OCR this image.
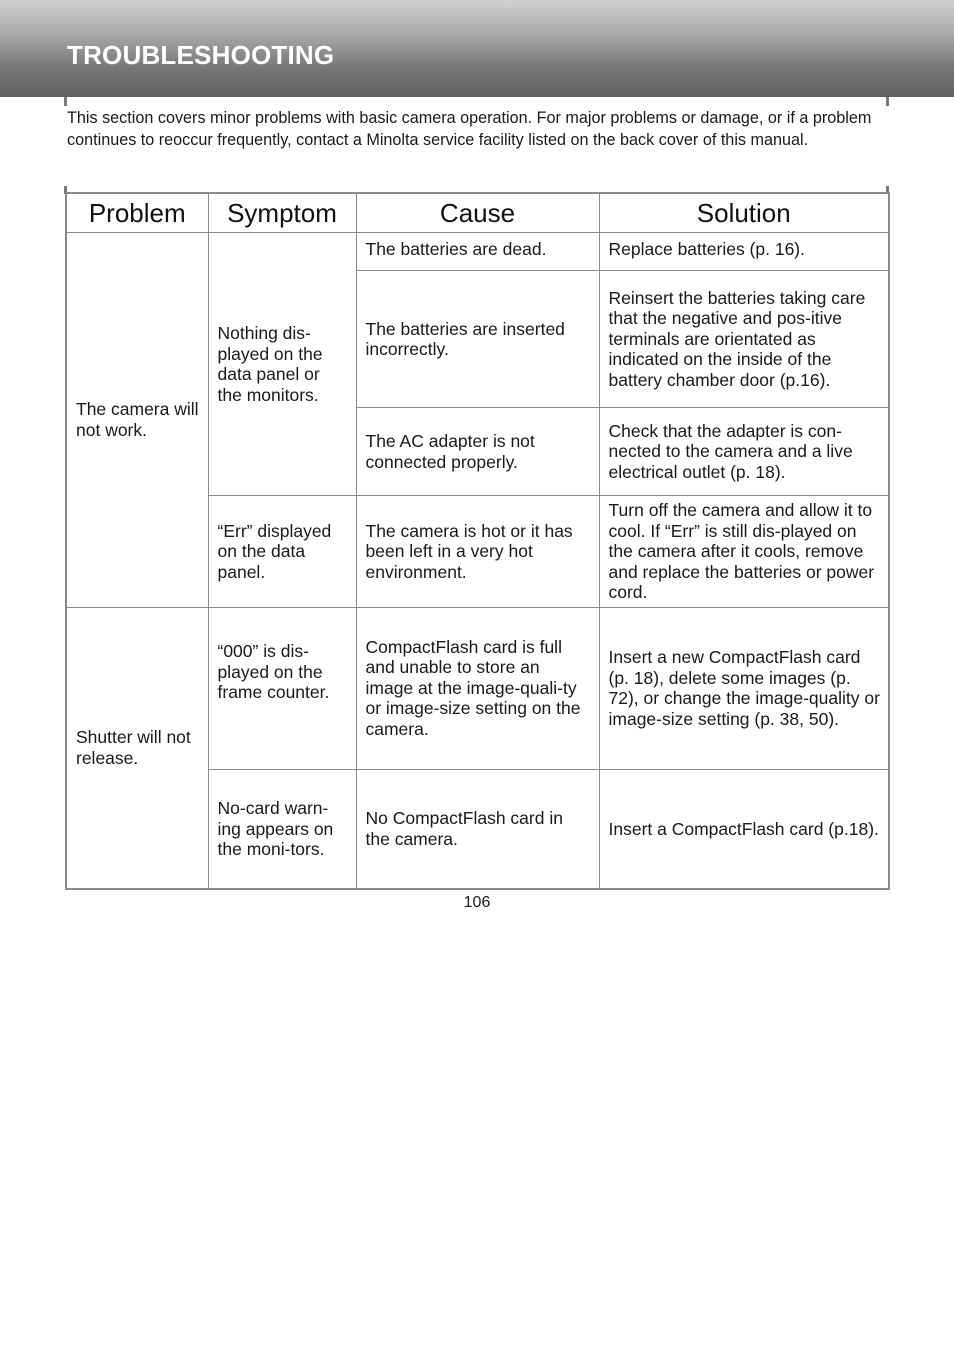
TROUBLESHOOTING

This section covers minor problems with basic camera operation. For major problems or damage, or if a problem continues to reoccur frequently, contact a Minolta service facility listed on the back cover of this manual.

Problem	Symptom	Cause	Solution
The camera will not work.	Nothing dis-played on the data panel or the monitors.	The batteries are dead.	Replace batteries (p. 16).
		The batteries are inserted incorrectly.	Reinsert the batteries taking care that the negative and pos-itive terminals are orientated as indicated on the inside of the battery chamber door (p.16).
		The AC adapter is not connected properly.	Check that the adapter is con-nected to the camera and a live electrical outlet (p. 18).
	“Err” displayed on the data panel.	The camera is hot or it has been left in a very hot environment.	Turn off the camera and allow it to cool. If “Err” is still dis-played on the camera after it cools, remove and replace the batteries or power cord.
Shutter will not release.	“000” is dis-played on the frame counter.	CompactFlash card is full and unable to store an image at the image-quali-ty or image-size setting on the camera.	Insert a new CompactFlash card (p. 18), delete some images (p. 72), or change the image-quality or image-size setting (p. 38, 50).
	No-card warn-ing appears on the moni-tors.	No CompactFlash card in the camera.	Insert a CompactFlash card (p.18).
106
